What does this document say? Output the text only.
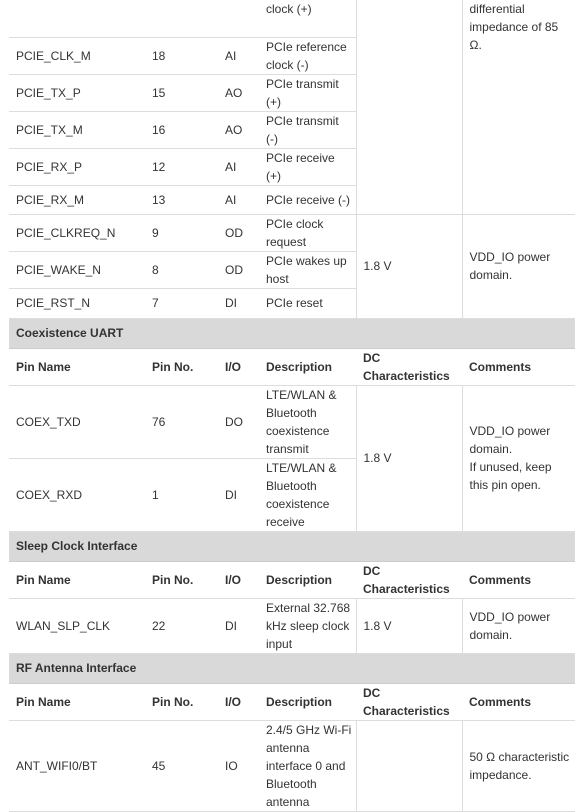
			clock (+)		differential impedance of 85 Ω.
PCIE_CLK_M	18	AI	PCIe reference clock (-)		
PCIE_TX_P	15	AO	PCIe transmit (+)		
PCIE_TX_M	16	AO	PCIe transmit (-)		
PCIE_RX_P	12	AI	PCIe receive (+)		
PCIE_RX_M	13	AI	PCIe receive (-)		
PCIE_CLKREQ_N	9	OD	PCIe clock request	1.8 V	VDD_IO power domain.
PCIE_WAKE_N	8	OD	PCIe wakes up host		
PCIE_RST_N	7	DI	PCIe reset		
Coexistence UART					
Pin Name	Pin No.	I/O	Description	DC Characteristics	Comments
COEX_TXD	76	DO	LTE/WLAN & Bluetooth coexistence transmit	1.8 V	VDD_IO power domain.
If unused, keep this pin open.

COEX_RXD	1	DI	LTE/WLAN & Bluetooth coexistence receive		
Sleep Clock Interface					
Pin Name	Pin No.	I/O	Description	DC Characteristics	Comments
WLAN_SLP_CLK	22	DI	External 32.768 kHz sleep clock input	1.8 V	VDD_IO power domain.
RF Antenna Interface					
Pin Name	Pin No.	I/O	Description	DC Characteristics	Comments
ANT_WIFI0/BT	45	IO	2.4/5 GHz Wi-Fi antenna interface 0 and Bluetooth antenna		50 Ω characteristic impedance.
